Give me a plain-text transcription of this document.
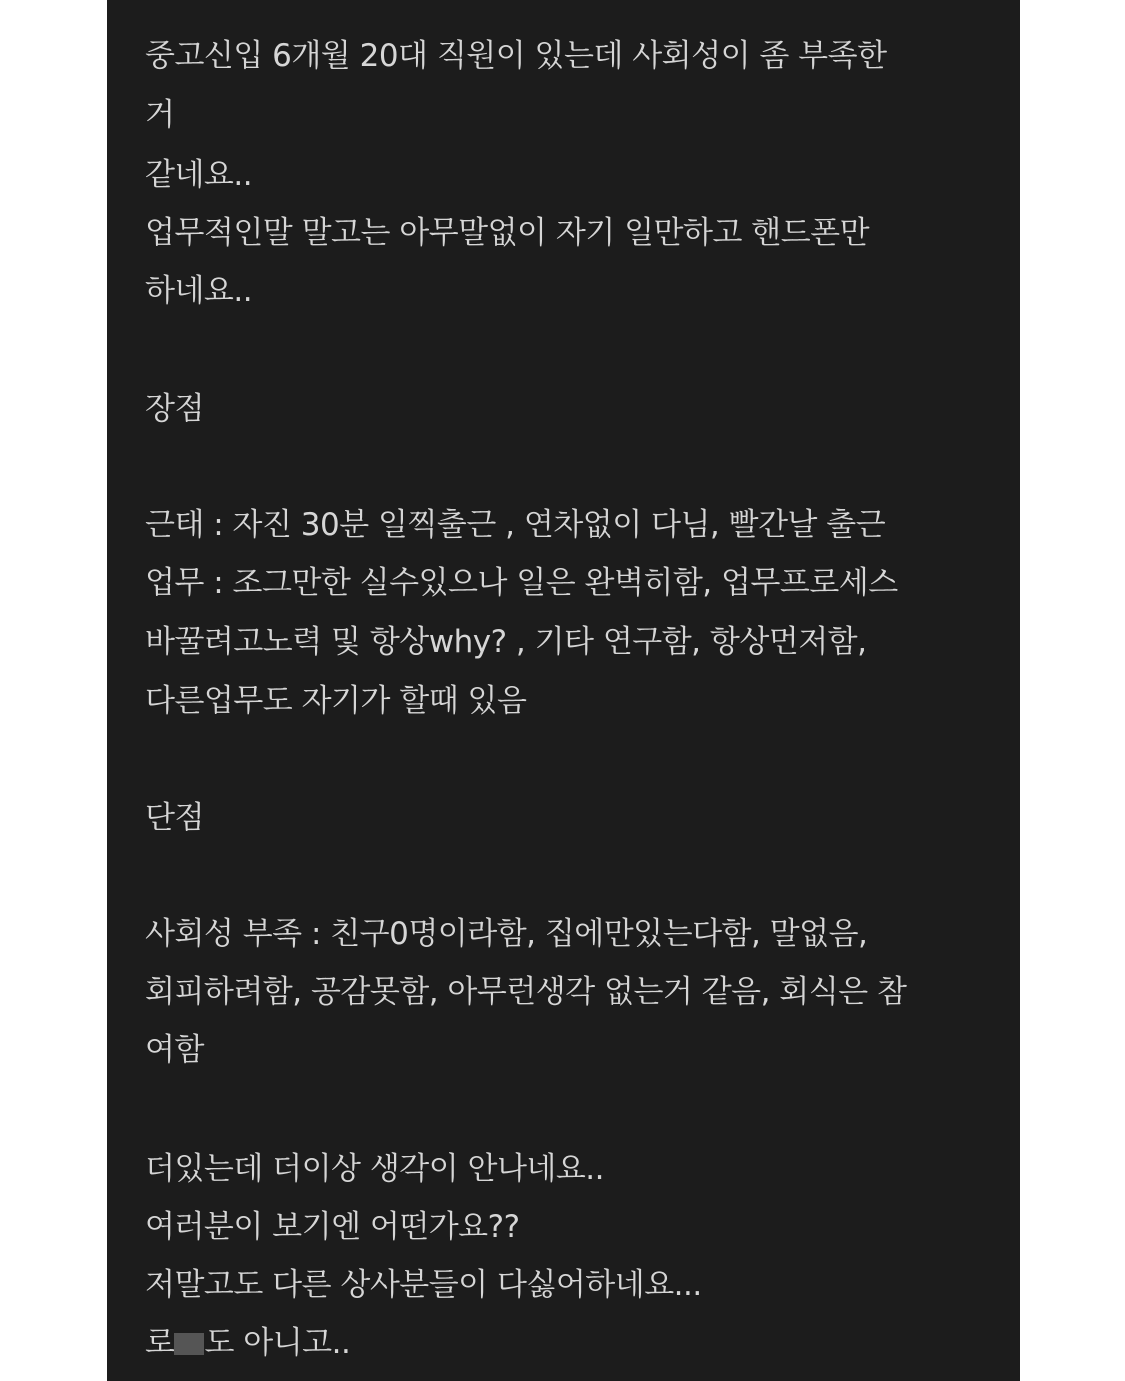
중고신입 6개월 20대 직원이 있는데 사회성이 좀 부족한
거
같네요..
업무적인말 말고는 아무말없이 자기 일만하고 핸드폰만
하네요..
장점
근태 : 자진 30분 일찍출근 , 연차없이 다님, 빨간날 출근
업무 : 조그만한 실수있으나 일은 완벽히함, 업무프로세스
바꿀려고노력 및 항상why? , 기타 연구함, 항상먼저함,
다른업무도 자기가 할때 있음
단점
사회성 부족 : 친구0명이라함, 집에만있는다함, 말없음,
회피하려함, 공감못함, 아무런생각 없는거 같음, 회식은 참
여함
더있는데 더이상 생각이 안나네요..
여러분이 보기엔 어떤가요??
저말고도 다른 상사분들이 다싫어하네요...
로 도 아니고..
